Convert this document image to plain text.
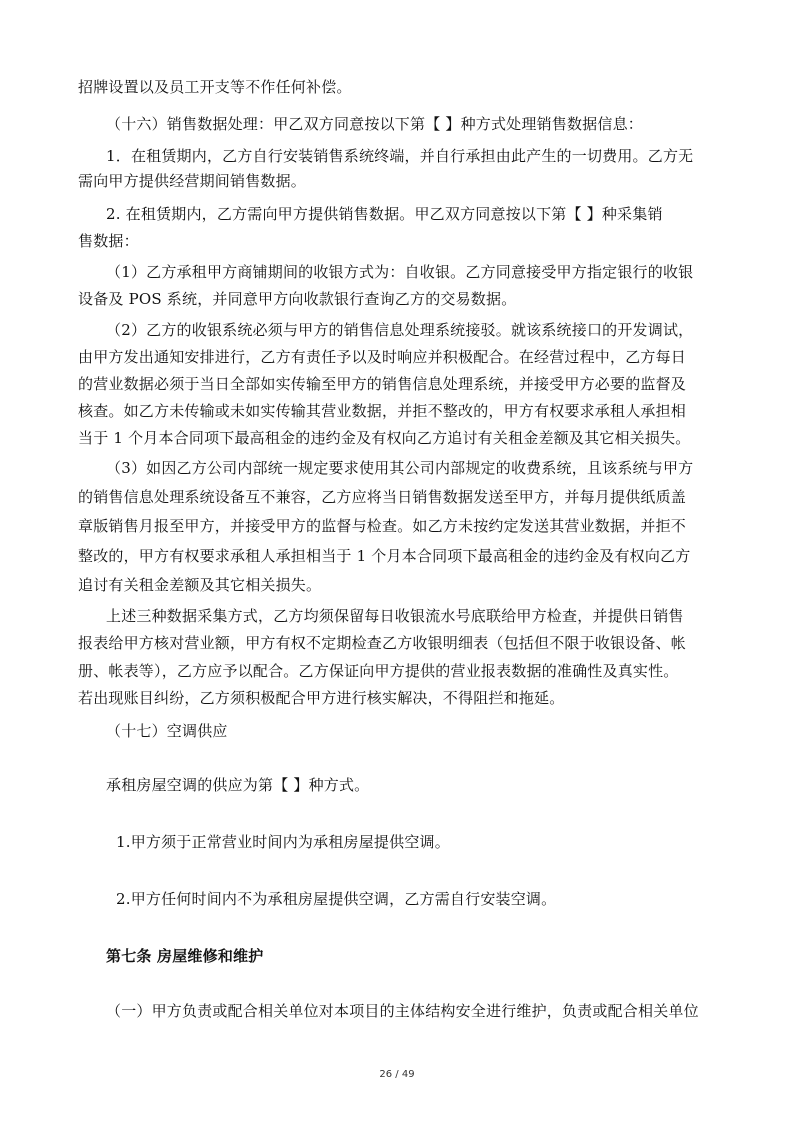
招牌设置以及员工开支等不作任何补偿。
（十六）销售数据处理：甲乙双方同意按以下第【 】种方式处理销售数据信息：
1．在租赁期内，乙方自行安装销售系统终端，并自行承担由此产生的一切费用。乙方无
需向甲方提供经营期间销售数据。
2. 在租赁期内，乙方需向甲方提供销售数据。甲乙双方同意按以下第【 】种采集销
售数据：
（1）乙方承租甲方商铺期间的收银方式为：自收银。乙方同意接受甲方指定银行的收银
设备及 POS 系统，并同意甲方向收款银行查询乙方的交易数据。
（2）乙方的收银系统必须与甲方的销售信息处理系统接驳。就该系统接口的开发调试，
由甲方发出通知安排进行，乙方有责任予以及时响应并积极配合。在经营过程中，乙方每日
的营业数据必须于当日全部如实传输至甲方的销售信息处理系统，并接受甲方必要的监督及
核查。如乙方未传输或未如实传输其营业数据，并拒不整改的，甲方有权要求承租人承担相
当于 1 个月本合同项下最高租金的违约金及有权向乙方追讨有关租金差额及其它相关损失。
（3）如因乙方公司内部统一规定要求使用其公司内部规定的收费系统，且该系统与甲方
的销售信息处理系统设备互不兼容，乙方应将当日销售数据发送至甲方，并每月提供纸质盖
章版销售月报至甲方，并接受甲方的监督与检查。如乙方未按约定发送其营业数据，并拒不
整改的，甲方有权要求承租人承担相当于 1 个月本合同项下最高租金的违约金及有权向乙方
追讨有关租金差额及其它相关损失。
上述三种数据采集方式，乙方均须保留每日收银流水号底联给甲方检查，并提供日销售
报表给甲方核对营业额，甲方有权不定期检查乙方收银明细表（包括但不限于收银设备、帐
册、帐表等），乙方应予以配合。乙方保证向甲方提供的营业报表数据的准确性及真实性。
若出现账目纠纷，乙方须积极配合甲方进行核实解决，不得阻拦和拖延。
（十七）空调供应
承租房屋空调的供应为第【 】种方式。
1.甲方须于正常营业时间内为承租房屋提供空调。
2.甲方任何时间内不为承租房屋提供空调，乙方需自行安装空调。
第七条 房屋维修和维护
（一）甲方负责或配合相关单位对本项目的主体结构安全进行维护，负责或配合相关单位
26 / 49
